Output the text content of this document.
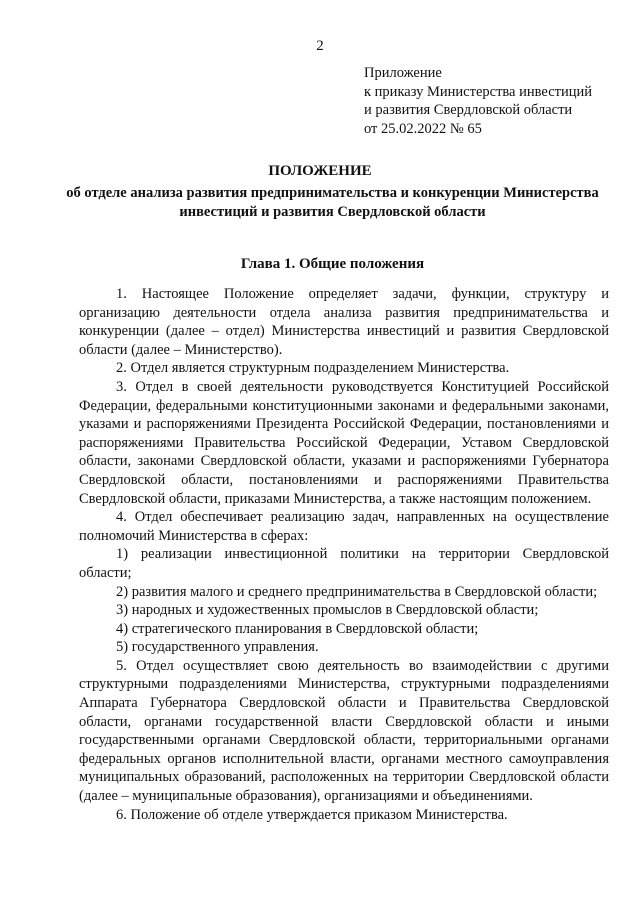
2
Приложение
к приказу Министерства инвестиций
и развития Свердловской области
от 25.02.2022 № 65
ПОЛОЖЕНИЕ
об отделе анализа развития предпринимательства и конкуренции Министерства инвестиций и развития Свердловской области
Глава 1. Общие положения

1. Настоящее Положение определяет задачи, функции, структуру и организацию деятельности отдела анализа развития предпринимательства и конкуренции (далее – отдел) Министерства инвестиций и развития Свердловской области (далее – Министерство).

2. Отдел является структурным подразделением Министерства.

3. Отдел в своей деятельности руководствуется Конституцией Российской Федерации, федеральными конституционными законами и федеральными законами, указами и распоряжениями Президента Российской Федерации, постановлениями и распоряжениями Правительства Российской Федерации, Уставом Свердловской области, законами Свердловской области, указами и распоряжениями Губернатора Свердловской области, постановлениями и распоряжениями Правительства Свердловской области, приказами Министерства, а также настоящим положением.

4. Отдел обеспечивает реализацию задач, направленных на осуществление полномочий Министерства в сферах:

1) реализации инвестиционной политики на территории Свердловской области;

2) развития малого и среднего предпринимательства в Свердловской области;

3) народных и художественных промыслов в Свердловской области;

4) стратегического планирования в Свердловской области;

5) государственного управления.

5. Отдел осуществляет свою деятельность во взаимодействии с другими структурными подразделениями Министерства, структурными подразделениями Аппарата Губернатора Свердловской области и Правительства Свердловской области, органами государственной власти Свердловской области и иными государственными органами Свердловской области, территориальными органами федеральных органов исполнительной власти, органами местного самоуправления муниципальных образований, расположенных на территории Свердловской области (далее – муниципальные образования), организациями и объединениями.

6. Положение об отделе утверждается приказом Министерства.
